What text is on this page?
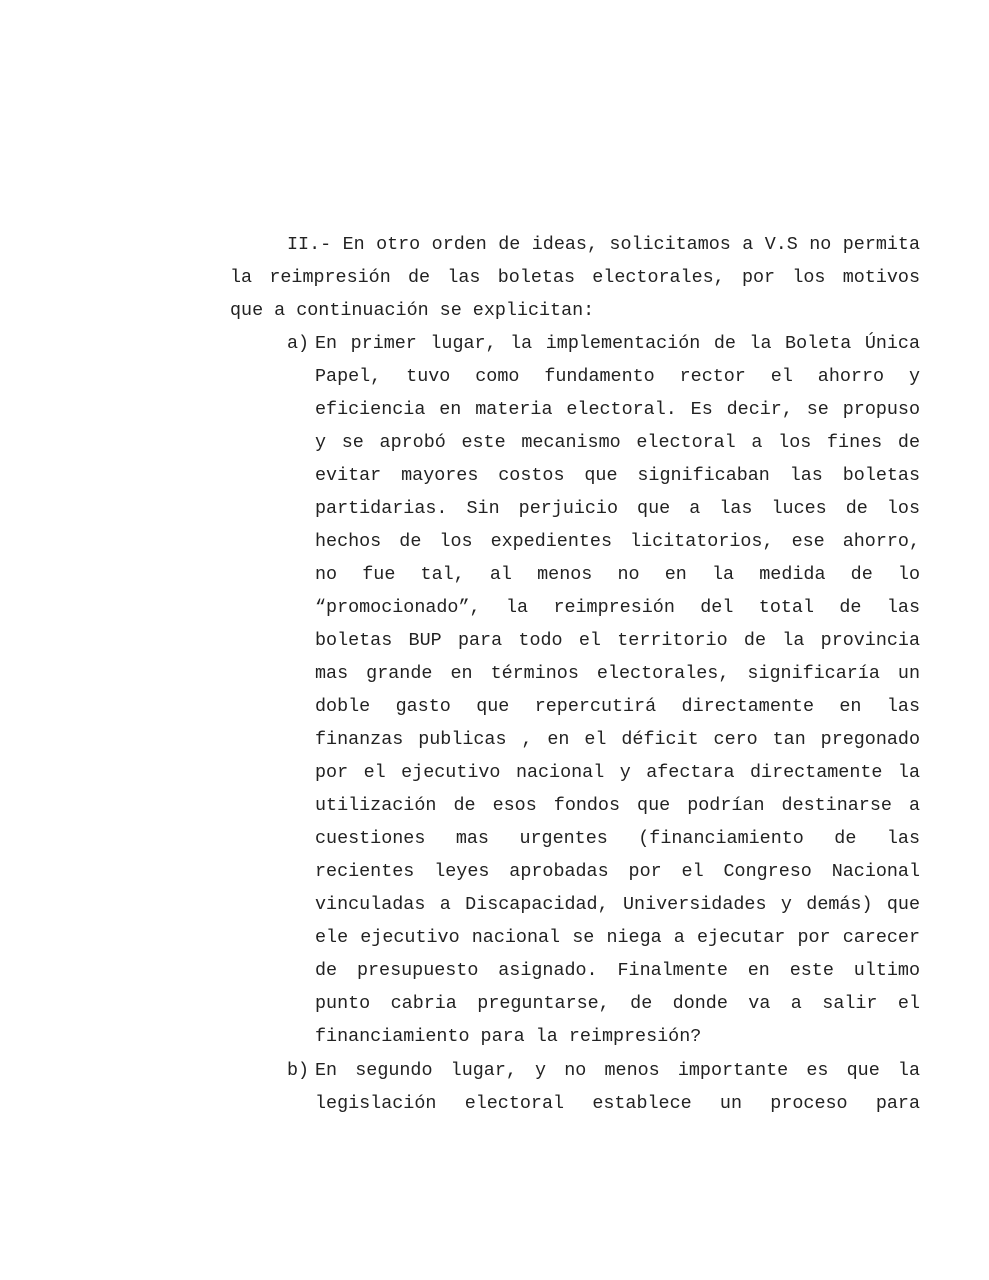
II.- En otro orden de ideas, solicitamos a V.S no permita
la reimpresión de las boletas electorales, por los motivos
que a continuación se explicitan:
a) En primer lugar, la implementación de la Boleta Única
Papel, tuvo como fundamento rector el ahorro y
eficiencia en materia electoral. Es decir, se propuso
y se aprobó este mecanismo electoral a los fines de
evitar mayores costos que significaban las boletas
partidarias. Sin perjuicio que a las luces de los
hechos de los expedientes licitatorios, ese ahorro,
no fue tal, al menos no en la medida de lo
“promocionado”, la reimpresión del total de las
boletas BUP para todo el territorio de la provincia
mas grande en términos electorales, significaría un
doble gasto que repercutirá directamente en las
finanzas publicas , en el déficit cero tan pregonado
por el ejecutivo nacional y afectara directamente la
utilización de esos fondos que podrían destinarse a
cuestiones mas urgentes (financiamiento de las
recientes leyes aprobadas por el Congreso Nacional
vinculadas a Discapacidad, Universidades y demás) que
ele ejecutivo nacional se niega a ejecutar por carecer
de presupuesto asignado. Finalmente en este ultimo
punto cabria preguntarse, de donde va a salir el
financiamiento para la reimpresión?
b) En segundo lugar, y no menos importante es que la
legislación electoral establece un proceso para
